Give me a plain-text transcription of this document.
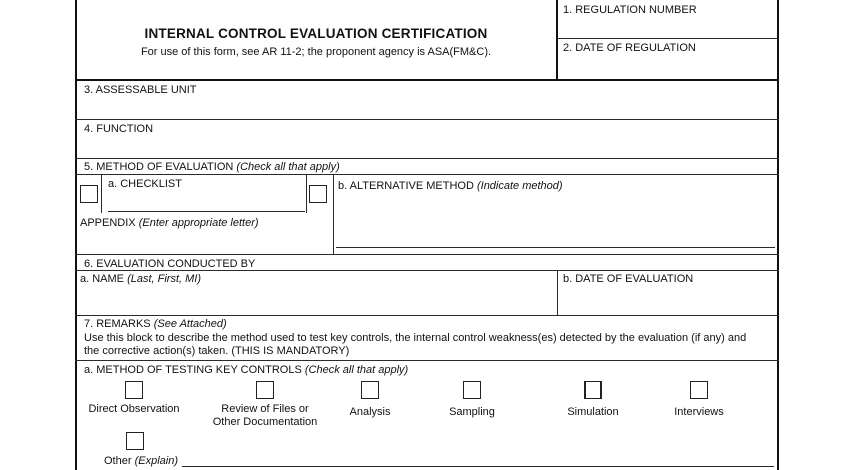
INTERNAL CONTROL EVALUATION CERTIFICATION
For use of this form, see AR 11-2; the proponent agency is ASA(FM&C).
1. REGULATION NUMBER
2. DATE OF REGULATION
3. ASSESSABLE UNIT
4. FUNCTION
5. METHOD OF EVALUATION (Check all that apply)
a. CHECKLIST
APPENDIX (Enter appropriate letter)
b. ALTERNATIVE METHOD (Indicate method)
6. EVALUATION CONDUCTED BY
a. NAME (Last, First, MI)	b. DATE OF EVALUATION
7. REMARKS (See Attached)
Use this block to describe the method used to test key controls, the internal control weakness(es) detected by the evaluation (if any) and
the corrective action(s) taken. (THIS IS MANDATORY)
a. METHOD OF TESTING KEY CONTROLS (Check all that apply)
Direct Observation	Review of Files or
Other Documentation
Analysis	Sampling	Simulation	Interviews
Other (Explain)
